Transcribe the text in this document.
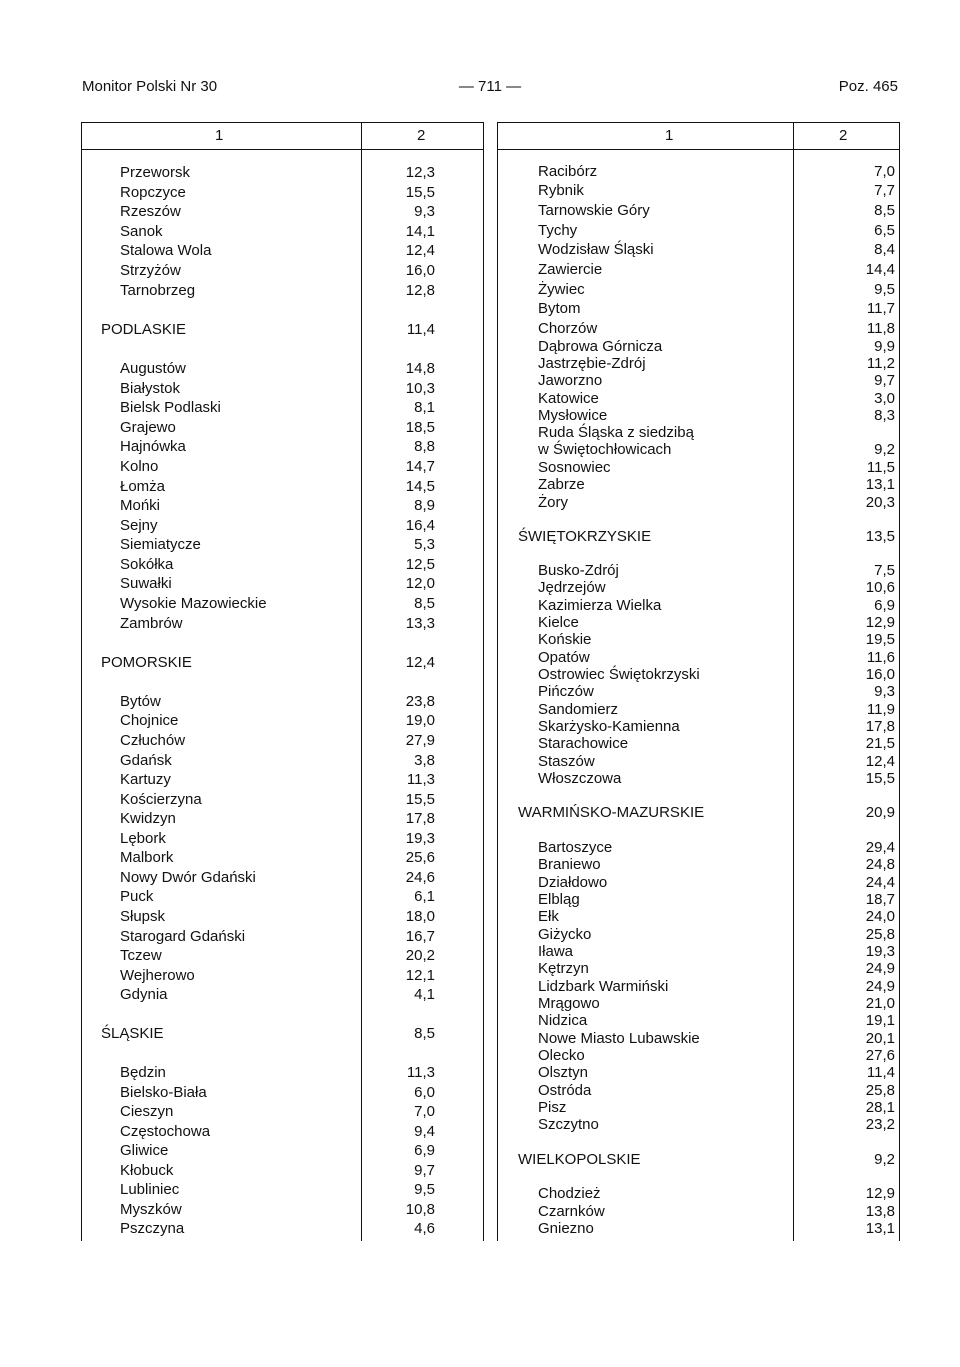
Monitor Polski Nr 30	— 711 —	Poz. 465
1	2
Przeworsk	12,3
Ropczyce	15,5
Rzeszów	9,3
Sanok	14,1
Stalowa Wola	12,4
Strzyżów	16,0
Tarnobrzeg	12,8
PODLASKIE	11,4
Augustów	14,8
Białystok	10,3
Bielsk Podlaski	8,1
Grajewo	18,5
Hajnówka	8,8
Kolno	14,7
Łomża	14,5
Mońki	8,9
Sejny	16,4
Siemiatycze	5,3
Sokółka	12,5
Suwałki	12,0
Wysokie Mazowieckie	8,5
Zambrów	13,3
POMORSKIE	12,4
Bytów	23,8
Chojnice	19,0
Człuchów	27,9
Gdańsk	3,8
Kartuzy	11,3
Kościerzyna	15,5
Kwidzyn	17,8
Lębork	19,3
Malbork	25,6
Nowy Dwór Gdański	24,6
Puck	6,1
Słupsk	18,0
Starogard Gdański	16,7
Tczew	20,2
Wejherowo	12,1
Gdynia	4,1
ŚLĄSKIE	8,5
Będzin	11,3
Bielsko-Biała	6,0
Cieszyn	7,0
Częstochowa	9,4
Gliwice	6,9
Kłobuck	9,7
Lubliniec	9,5
Myszków	10,8
Pszczyna	4,6
1	2
Racibórz	7,0
Rybnik	7,7
Tarnowskie Góry	8,5
Tychy	6,5
Wodzisław Śląski	8,4
Zawiercie	14,4
Żywiec	9,5
Bytom	11,7
Chorzów	11,8
Dąbrowa Górnicza	9,9
Jastrzębie-Zdrój	11,2
Jaworzno	9,7
Katowice	3,0
Mysłowice	8,3
Ruda Śląska z siedzibą
w Świętochłowicach	9,2
Sosnowiec	11,5
Zabrze	13,1
Żory	20,3
ŚWIĘTOKRZYSKIE	13,5
Busko-Zdrój	7,5
Jędrzejów	10,6
Kazimierza Wielka	6,9
Kielce	12,9
Końskie	19,5
Opatów	11,6
Ostrowiec Świętokrzyski	16,0
Pińczów	9,3
Sandomierz	11,9
Skarżysko-Kamienna	17,8
Starachowice	21,5
Staszów	12,4
Włoszczowa	15,5
WARMIŃSKO-MAZURSKIE	20,9
Bartoszyce	29,4
Braniewo	24,8
Działdowo	24,4
Elbląg	18,7
Ełk	24,0
Giżycko	25,8
Iława	19,3
Kętrzyn	24,9
Lidzbark Warmiński	24,9
Mrągowo	21,0
Nidzica	19,1
Nowe Miasto Lubawskie	20,1
Olecko	27,6
Olsztyn	11,4
Ostróda	25,8
Pisz	28,1
Szczytno	23,2
WIELKOPOLSKIE	9,2
Chodzież	12,9
Czarnków	13,8
Gniezno	13,1
